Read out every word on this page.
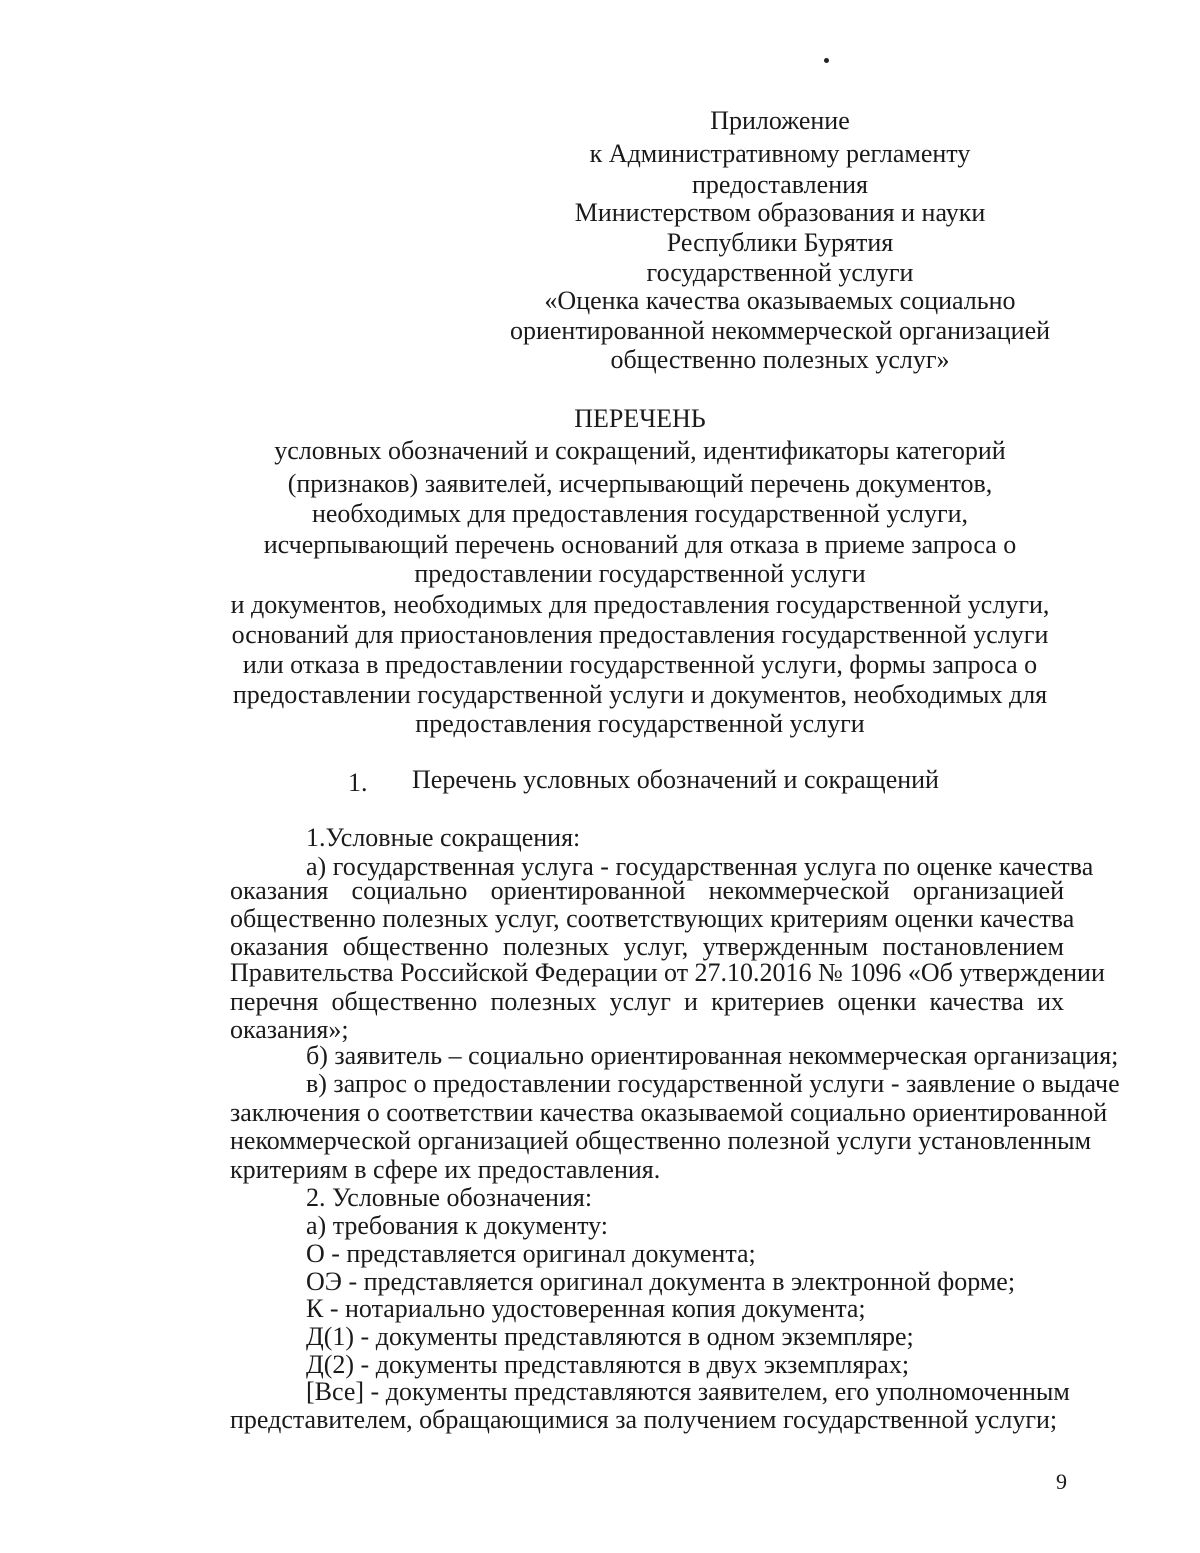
Приложение
к Административному регламенту
предоставления
Министерством образования и науки
Республики Бурятия
государственной услуги
«Оценка качества оказываемых социально
ориентированной некоммерческой организацией
общественно полезных услуг»
ПЕРЕЧЕНЬ
условных обозначений и сокращений, идентификаторы категорий
(признаков) заявителей, исчерпывающий перечень документов,
необходимых для предоставления государственной услуги,
исчерпывающий перечень оснований для отказа в приеме запроса о
предоставлении государственной услуги
и документов, необходимых для предоставления государственной услуги,
оснований для приостановления предоставления государственной услуги
или отказа в предоставлении государственной услуги, формы запроса о
предоставлении государственной услуги и документов, необходимых для
предоставления государственной услуги
1. Перечень условных обозначений и сокращений
1.Условные сокращения:
а) государственная услуга - государственная услуга по оценке качества
оказания социально ориентированной некоммерческой организацией
общественно полезных услуг, соответствующих критериям оценки качества
оказания общественно полезных услуг, утвержденным постановлением
Правительства Российской Федерации от 27.10.2016 № 1096 «Об утверждении
перечня общественно полезных услуг и критериев оценки качества их
оказания»;
б) заявитель – социально ориентированная некоммерческая организация;
в) запрос о предоставлении государственной услуги - заявление о выдаче
заключения о соответствии качества оказываемой социально ориентированной
некоммерческой организацией общественно полезной услуги установленным
критериям в сфере их предоставления.
2. Условные обозначения:
а) требования к документу:
О - представляется оригинал документа;
ОЭ - представляется оригинал документа в электронной форме;
К - нотариально удостоверенная копия документа;
Д(1) - документы представляются в одном экземпляре;
Д(2) - документы представляются в двух экземплярах;
[Все] - документы представляются заявителем, его уполномоченным
представителем, обращающимися за получением государственной услуги;
9
